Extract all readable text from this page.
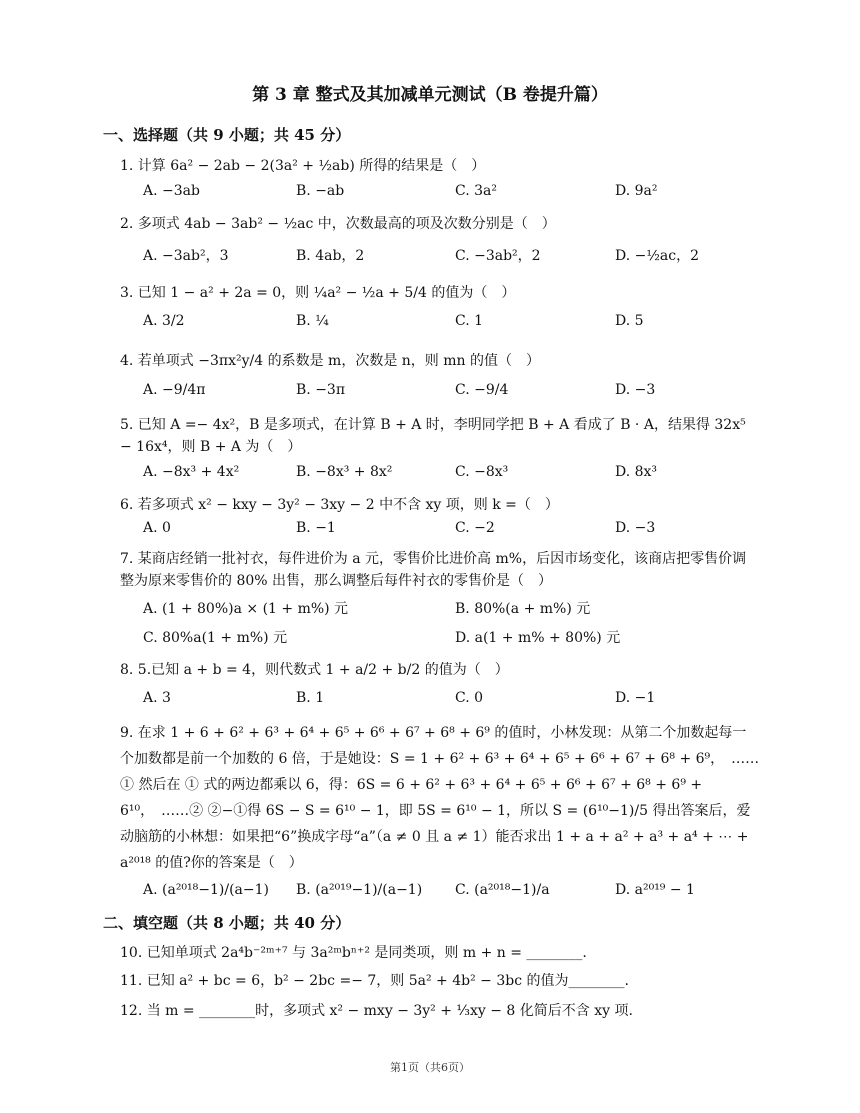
第 3 章 整式及其加减单元测试（B 卷提升篇）
一、选择题（共 9 小题；共 45 分）
1. 计算 6a² − 2ab − 2(3a² + ½ab) 所得的结果是（　）
A. −3ab	B. −ab	C. 3a²	D. 9a²
2. 多项式 4ab − 3ab² − ½ac 中，次数最高的项及次数分别是（　）
A. −3ab²，3	B. 4ab，2	C. −3ab²，2	D. −½ac，2
3. 已知 1 − a² + 2a = 0，则 ¼a² − ½a + 5/4 的值为（　）
A. 3/2	B. ¼	C. 1	D. 5
4. 若单项式 −3πx²y/4 的系数是 m，次数是 n，则 mn 的值（　）
A. −9/4π	B. −3π	C. −9/4	D. −3
5. 已知 A =− 4x²，B 是多项式，在计算 B + A 时，李明同学把 B + A 看成了 B · A，结果得 32x⁵ − 16x⁴，则 B + A 为（　）
A. −8x³ + 4x²	B. −8x³ + 8x²	C. −8x³	D. 8x³
6. 若多项式 x² − kxy − 3y² − 3xy − 2 中不含 xy 项，则 k =（　）
A. 0	B. −1	C. −2	D. −3
7. 某商店经销一批衬衣，每件进价为 a 元，零售价比进价高 m%，后因市场变化，该商店把零售价调整为原来零售价的 80% 出售，那么调整后每件衬衣的零售价是（　）
A. (1 + 80%)a × (1 + m%) 元	B. 80%(a + m%) 元
C. 80%a(1 + m%) 元	D. a(1 + m% + 80%) 元
8. 5.已知 a + b = 4，则代数式 1 + a/2 + b/2 的值为（　）
A. 3	B. 1	C. 0	D. −1
9. 在求 1 + 6 + 6² + 6³ + 6⁴ + 6⁵ + 6⁶ + 6⁷ + 6⁸ + 6⁹ 的值时，小林发现：从第二个加数起每一个加数都是前一个加数的 6 倍，于是她设：S = 1 + 6² + 6³ + 6⁴ + 6⁵ + 6⁶ + 6⁷ + 6⁸ + 6⁹，　……① 然后在 ① 式的两边都乘以 6，得：6S = 6 + 6² + 6³ + 6⁴ + 6⁵ + 6⁶ + 6⁷ + 6⁸ + 6⁹ + 6¹⁰，　……② ②−①得 6S − S = 6¹⁰ − 1，即 5S = 6¹⁰ − 1，所以 S = (6¹⁰−1)/5 得出答案后，爱动脑筋的小林想：如果把“6”换成字母“a”（a ≠ 0 且 a ≠ 1）能否求出 1 + a + a² + a³ + a⁴ + ⋯ + a²⁰¹⁸ 的值?你的答案是（　）
A. (a²⁰¹⁸−1)/(a−1) B. (a²⁰¹⁹−1)/(a−1) C. (a²⁰¹⁸−1)/a	D. a²⁰¹⁹ − 1
二、填空题（共 8 小题；共 40 分）
10. 已知单项式 2a⁴b⁻²ᵐ⁺⁷ 与 3a²ᵐbⁿ⁺² 是同类项，则 m + n = ________.
11. 已知 a² + bc = 6，b² − 2bc =− 7，则 5a² + 4b² − 3bc 的值为________.
12. 当 m = ________时，多项式 x² − mxy − 3y² + ⅓xy − 8 化简后不含 xy 项.
第1页（共6页）
